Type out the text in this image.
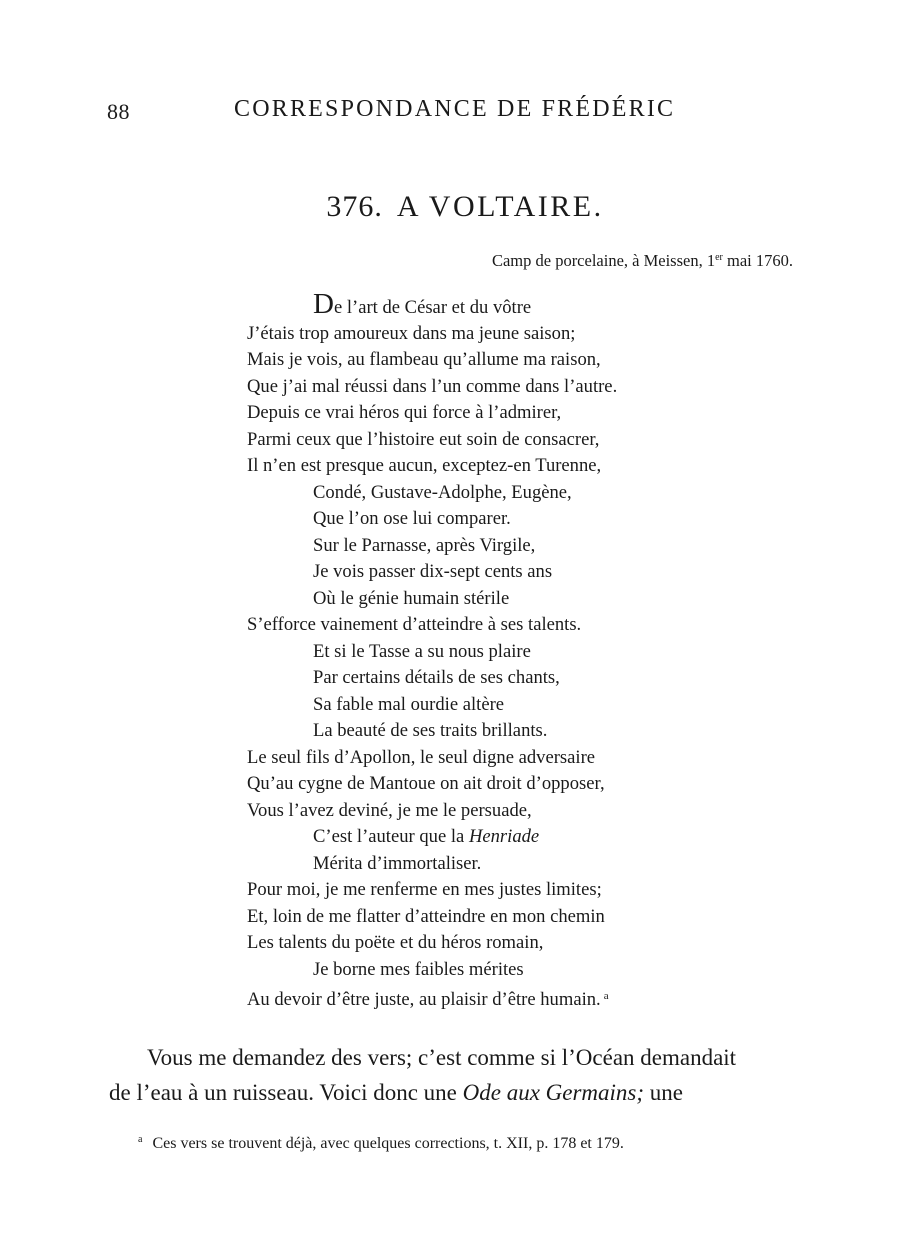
88	CORRESPONDANCE DE FRÉDÉRIC
376. A VOLTAIRE.
Camp de porcelaine, à Meissen, 1er mai 1760.
De l’art de César et du vôtre
J’étais trop amoureux dans ma jeune saison;
Mais je vois, au flambeau qu’allume ma raison,
Que j’ai mal réussi dans l’un comme dans l’autre.
Depuis ce vrai héros qui force à l’admirer,
Parmi ceux que l’histoire eut soin de consacrer,
Il n’en est presque aucun, exceptez-en Turenne,
Condé, Gustave-Adolphe, Eugène,
Que l’on ose lui comparer.
Sur le Parnasse, après Virgile,
Je vois passer dix-sept cents ans
Où le génie humain stérile
S’efforce vainement d’atteindre à ses talents.
Et si le Tasse a su nous plaire
Par certains détails de ses chants,
Sa fable mal ourdie altère
La beauté de ses traits brillants.
Le seul fils d’Apollon, le seul digne adversaire
Qu’au cygne de Mantoue on ait droit d’opposer,
Vous l’avez deviné, je me le persuade,
C’est l’auteur que la Henriade
Mérita d’immortaliser.
Pour moi, je me renferme en mes justes limites;
Et, loin de me flatter d’atteindre en mon chemin
Les talents du poëte et du héros romain,
Je borne mes faibles mérites
Au devoir d’être juste, au plaisir d’être humain. $^a$
Vous me demandez des vers; c’est comme si l’Océan demandait
de l’eau à un ruisseau. Voici donc une Ode aux Germains; une
$^a$ Ces vers se trouvent déjà, avec quelques corrections, t. XII, p. 178 et 179.
